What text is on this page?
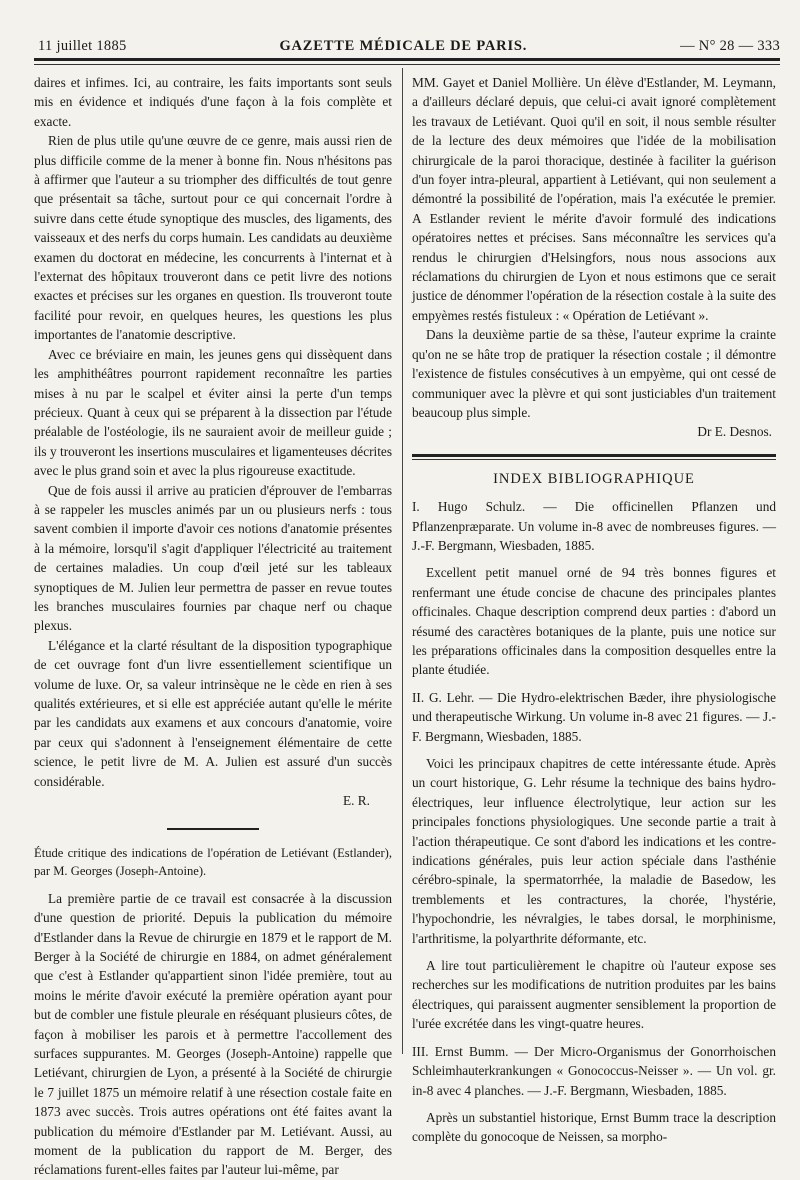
11 juillet 1885	GAZETTE MÉDICALE DE PARIS.	— N° 28 — 333

daires et infimes. Ici, au contraire, les faits importants sont seuls mis en évidence et indiqués d'une façon à la fois complète et exacte.

Rien de plus utile qu'une œuvre de ce genre, mais aussi rien de plus difficile comme de la mener à bonne fin. Nous n'hésitons pas à affirmer que l'auteur a su triompher des difficultés de tout genre que présentait sa tâche, surtout pour ce qui concernait l'ordre à suivre dans cette étude synoptique des muscles, des ligaments, des vaisseaux et des nerfs du corps humain. Les candidats au deuxième examen du doctorat en médecine, les concurrents à l'internat et à l'externat des hôpitaux trouveront dans ce petit livre des notions exactes et précises sur les organes en question. Ils trouveront toute facilité pour revoir, en quelques heures, les questions les plus importantes de l'anatomie descriptive.

Avec ce bréviaire en main, les jeunes gens qui dissèquent dans les amphithéâtres pourront rapidement reconnaître les parties mises à nu par le scalpel et éviter ainsi la perte d'un temps précieux. Quant à ceux qui se préparent à la dissection par l'étude préalable de l'ostéologie, ils ne sauraient avoir de meilleur guide ; ils y trouveront les insertions musculaires et ligamenteuses décrites avec le plus grand soin et avec la plus rigoureuse exactitude.

Que de fois aussi il arrive au praticien d'éprouver de l'embarras à se rappeler les muscles animés par un ou plusieurs nerfs : tous savent combien il importe d'avoir ces notions d'anatomie présentes à la mémoire, lorsqu'il s'agit d'appliquer l'électricité au traitement de certaines maladies. Un coup d'œil jeté sur les tableaux synoptiques de M. Julien leur permettra de passer en revue toutes les branches musculaires fournies par chaque nerf ou chaque plexus.

L'élégance et la clarté résultant de la disposition typographique de cet ouvrage font d'un livre essentiellement scientifique un volume de luxe. Or, sa valeur intrinsèque ne le cède en rien à ses qualités extérieures, et si elle est appréciée autant qu'elle le mérite par les candidats aux examens et aux concours d'anatomie, voire par ceux qui s'adonnent à l'enseignement élémentaire de cette science, le petit livre de M. A. Julien est assuré d'un succès considérable.

E. R.

Étude critique des indications de l'opération de Letiévant (Estlander), par M. Georges (Joseph-Antoine).

La première partie de ce travail est consacrée à la discussion d'une question de priorité. Depuis la publication du mémoire d'Estlander dans la Revue de chirurgie en 1879 et le rapport de M. Berger à la Société de chirurgie en 1884, on admet généralement que c'est à Estlander qu'appartient sinon l'idée première, tout au moins le mérite d'avoir exécuté la première opération ayant pour but de combler une fistule pleurale en réséquant plusieurs côtes, de façon à mobiliser les parois et à permettre l'accollement des surfaces suppurantes. M. Georges (Joseph-Antoine) rappelle que Letiévant, chirurgien de Lyon, a présenté à la Société de chirurgie le 7 juillet 1875 un mémoire relatif à une résection costale faite en 1873 avec succès. Trois autres opérations ont été faites avant la publication du mémoire d'Estlander par M. Letiévant. Aussi, au moment de la publication du rapport de M. Berger, des réclamations furent-elles faites par l'auteur lui-même, par

MM. Gayet et Daniel Mollière. Un élève d'Estlander, M. Leymann, a d'ailleurs déclaré depuis, que celui-ci avait ignoré complètement les travaux de Letiévant. Quoi qu'il en soit, il nous semble résulter de la lecture des deux mémoires que l'idée de la mobilisation chirurgicale de la paroi thoracique, destinée à faciliter la guérison d'un foyer intra-pleural, appartient à Letiévant, qui non seulement a démontré la possibilité de l'opération, mais l'a exécutée le premier. A Estlander revient le mérite d'avoir formulé des indications opératoires nettes et précises. Sans méconnaître les services qu'a rendus le chirurgien d'Helsingfors, nous nous associons aux réclamations du chirurgien de Lyon et nous estimons que ce serait justice de dénommer l'opération de la résection costale à la suite des empyèmes restés fistuleux : « Opération de Letiévant ».

Dans la deuxième partie de sa thèse, l'auteur exprime la crainte qu'on ne se hâte trop de pratiquer la résection costale ; il démontre l'existence de fistules consécutives à un empyème, qui ont cessé de communiquer avec la plèvre et qui sont justiciables d'un traitement beaucoup plus simple.

Dr E. Desnos.

INDEX BIBLIOGRAPHIQUE

I. Hugo Schulz. — Die officinellen Pflanzen und Pflanzenpræparate. Un volume in-8 avec de nombreuses figures. — J.-F. Bergmann, Wiesbaden, 1885.

Excellent petit manuel orné de 94 très bonnes figures et renfermant une étude concise de chacune des principales plantes officinales. Chaque description comprend deux parties : d'abord un résumé des caractères botaniques de la plante, puis une notice sur les préparations officinales dans la composition desquelles entre la plante étudiée.

II. G. Lehr. — Die Hydro-elektrischen Bæder, ihre physiologische und therapeutische Wirkung. Un volume in-8 avec 21 figures. — J.-F. Bergmann, Wiesbaden, 1885.

Voici les principaux chapitres de cette intéressante étude. Après un court historique, G. Lehr résume la technique des bains hydro-électriques, leur influence électrolytique, leur action sur les principales fonctions physiologiques. Une seconde partie a trait à l'action thérapeutique. Ce sont d'abord les indications et les contre-indications générales, puis leur action spéciale dans l'asthénie cérébro-spinale, la spermatorrhée, la maladie de Basedow, les tremblements et les contractures, la chorée, l'hystérie, l'hypochondrie, les névralgies, le tabes dorsal, le morphinisme, l'arthritisme, la polyarthrite déformante, etc.

A lire tout particulièrement le chapitre où l'auteur expose ses recherches sur les modifications de nutrition produites par les bains électriques, qui paraissent augmenter sensiblement la proportion de l'urée excrétée dans les vingt-quatre heures.

III. Ernst Bumm. — Der Micro-Organismus der Gonorrhoischen Schleimhauterkrankungen « Gonococcus-Neisser ». — Un vol. gr. in-8 avec 4 planches. — J.-F. Bergmann, Wiesbaden, 1885.

Après un substantiel historique, Ernst Bumm trace la description complète du gonocoque de Neissen, sa morpho-
